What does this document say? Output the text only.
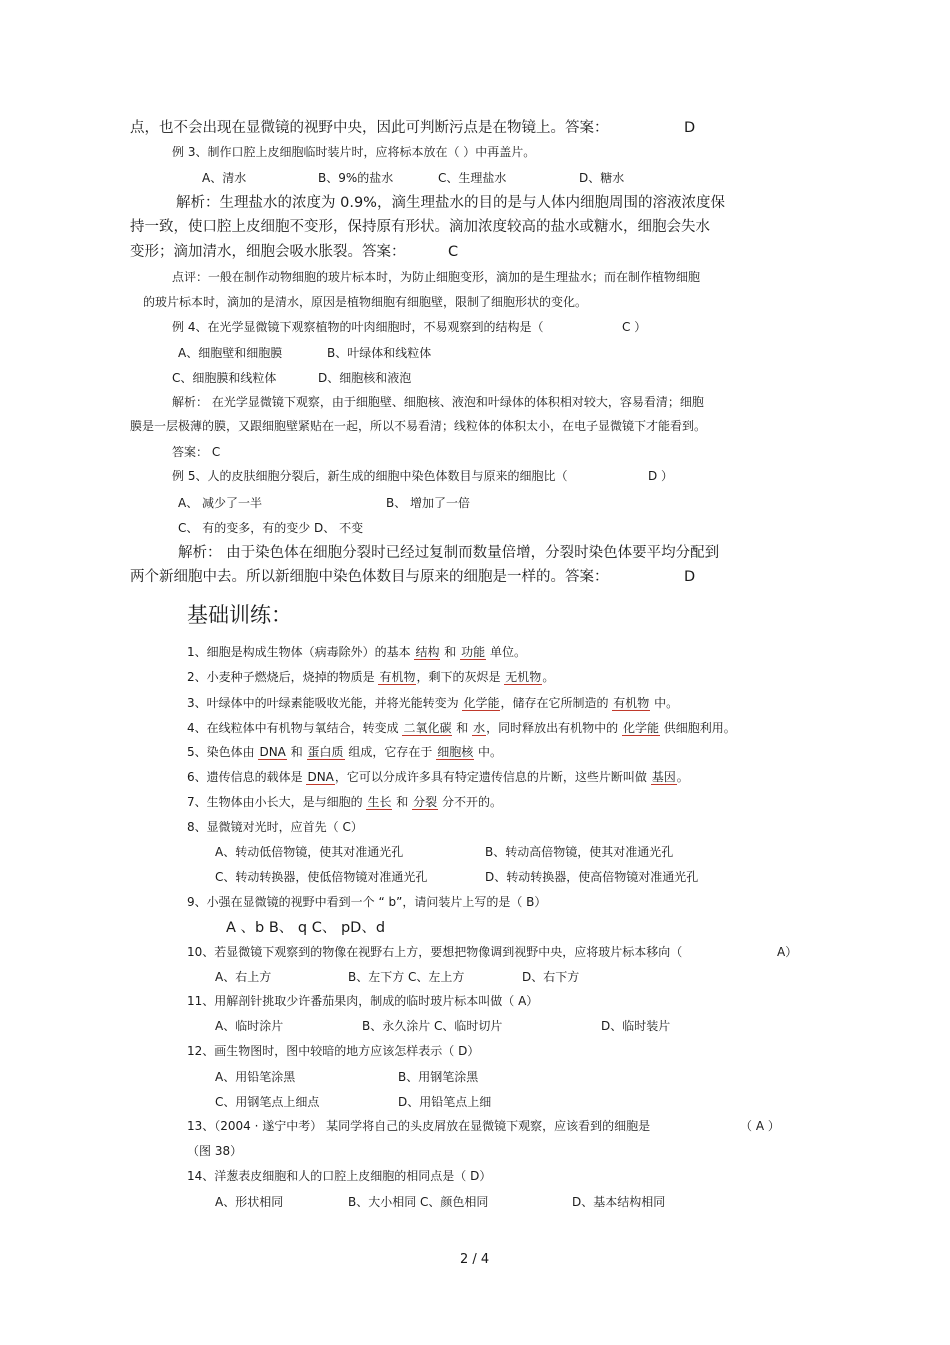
点，也不会出现在显微镜的视野中央，因此可判断污点是在物镜上。答案：	D
例 3、制作口腔上皮细胞临时装片时，应将标本放在（ ）中再盖片。
A、清水	B、9%的盐水	C、生理盐水	D、糖水
解析：生理盐水的浓度为 0.9%，滴生理盐水的目的是与人体内细胞周围的溶液浓度保
持一致，使口腔上皮细胞不变形，保持原有形状。滴加浓度较高的盐水或糖水，细胞会失水
变形；滴加清水，细胞会吸水胀裂。答案：	C
点评：一般在制作动物细胞的玻片标本时，为防止细胞变形，滴加的是生理盐水；而在制作植物细胞
的玻片标本时，滴加的是清水，原因是植物细胞有细胞壁，限制了细胞形状的变化。
例 4、在光学显微镜下观察植物的叶肉细胞时，不易观察到的结构是（	C ）
A、细胞壁和细胞膜	B、叶绿体和线粒体
C、细胞膜和线粒体	D、细胞核和液泡
解析： 在光学显微镜下观察，由于细胞壁、细胞核、液泡和叶绿体的体积相对较大，容易看清；细胞
膜是一层极薄的膜，又跟细胞壁紧贴在一起，所以不易看清；线粒体的体积太小，在电子显微镜下才能看到。
答案： C
例 5、人的皮肤细胞分裂后，新生成的细胞中染色体数目与原来的细胞比（	D ）
A、 减少了一半	B、 增加了一倍
C、 有的变多，有的变少 D、 不变
解析： 由于染色体在细胞分裂时已经过复制而数量倍增，分裂时染色体要平均分配到
两个新细胞中去。所以新细胞中染色体数目与原来的细胞是一样的。答案：	D
基础训练：
1、细胞是构成生物体（病毒除外）的基本 结构 和 功能 单位。
2、小麦种子燃烧后，烧掉的物质是 有机物，剩下的灰烬是 无机物。
3、叶绿体中的叶绿素能吸收光能，并将光能转变为 化学能，储存在它所制造的 有机物 中。
4、在线粒体中有机物与氧结合，转变成 二氧化碳 和 水，同时释放出有机物中的 化学能 供细胞利用。
5、染色体由 DNA 和 蛋白质 组成，它存在于 细胞核 中。
6、遗传信息的载体是 DNA，它可以分成许多具有特定遗传信息的片断，这些片断叫做 基因。
7、生物体由小长大，是与细胞的 生长 和 分裂 分不开的。
8、显微镜对光时，应首先（ C）
A、转动低倍物镜，使其对准通光孔	B、转动高倍物镜，使其对准通光孔
C、转动转换器，使低倍物镜对准通光孔	D、转动转换器，使高倍物镜对准通光孔
9、小强在显微镜的视野中看到一个 “ b”，请问装片上写的是（ B）
A 、b B、 q C、 pD、d
10、若显微镜下观察到的物像在视野右上方，要想把物像调到视野中央，应将玻片标本移向（	A）
A、右上方	B、左下方 C、左上方	D、右下方
11、用解剖针挑取少许番茄果肉，制成的临时玻片标本叫做（ A）
A、临时涂片	B、永久涂片 C、临时切片	D、临时装片
12、画生物图时，图中较暗的地方应该怎样表示（ D）
A、用铅笔涂黑	B、用钢笔涂黑
C、用钢笔点上细点	D、用铅笔点上细
13、（2004 · 遂宁中考） 某同学将自己的头皮屑放在显微镜下观察，应该看到的细胞是	（ A ）
（图 38）
14、洋葱表皮细胞和人的口腔上皮细胞的相同点是（ D）
A、形状相同	B、大小相同 C、颜色相同	D、基本结构相同
2 / 4
